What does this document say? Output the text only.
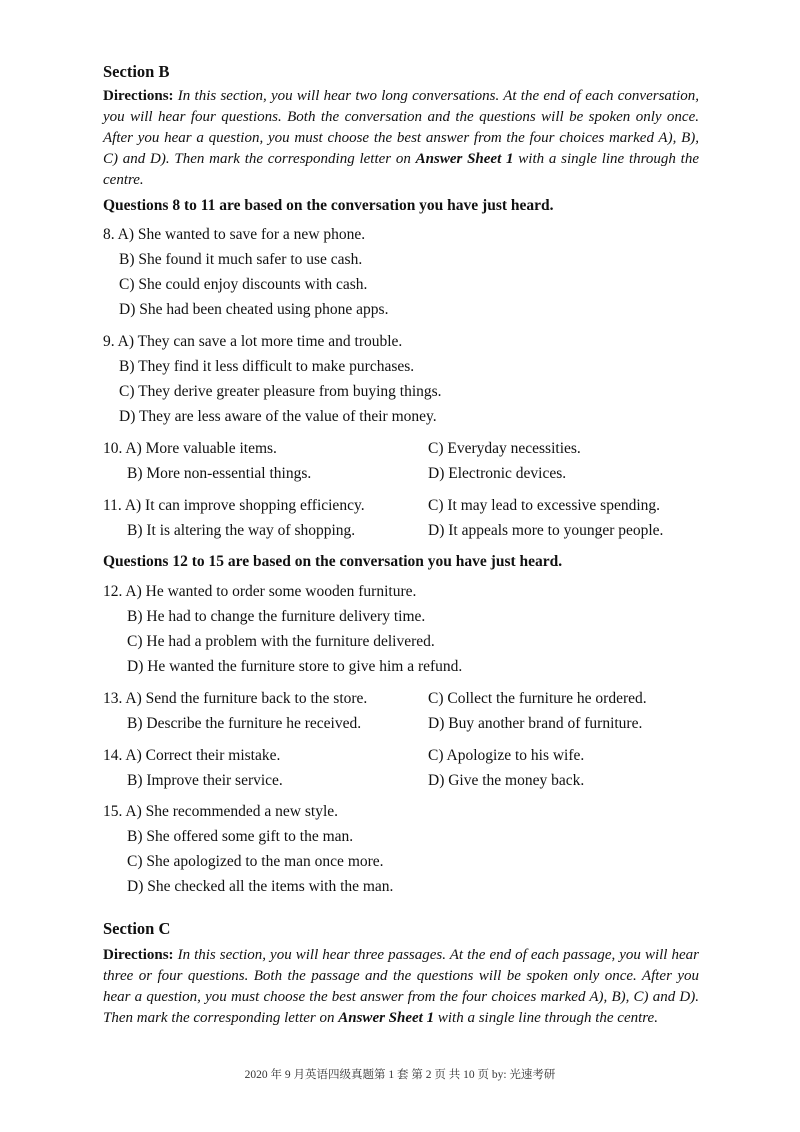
Section B
Directions: In this section, you will hear two long conversations. At the end of each conversation, you will hear four questions. Both the conversation and the questions will be spoken only once. After you hear a question, you must choose the best answer from the four choices marked A), B), C) and D). Then mark the corresponding letter on Answer Sheet 1 with a single line through the centre.
Questions 8 to 11 are based on the conversation you have just heard.
8. A) She wanted to save for a new phone.
B) She found it much safer to use cash.
C) She could enjoy discounts with cash.
D) She had been cheated using phone apps.
9. A) They can save a lot more time and trouble.
B) They find it less difficult to make purchases.
C) They derive greater pleasure from buying things.
D) They are less aware of the value of their money.
10. A) More valuable items.
B) More non-essential things.
C) Everyday necessities.
D) Electronic devices.
11. A) It can improve shopping efficiency.
B) It is altering the way of shopping.
C) It may lead to excessive spending.
D) It appeals more to younger people.
Questions 12 to 15 are based on the conversation you have just heard.
12. A) He wanted to order some wooden furniture.
B) He had to change the furniture delivery time.
C) He had a problem with the furniture delivered.
D) He wanted the furniture store to give him a refund.
13. A) Send the furniture back to the store.
B) Describe the furniture he received.
C) Collect the furniture he ordered.
D) Buy another brand of furniture.
14. A) Correct their mistake.
B) Improve their service.
C) Apologize to his wife.
D) Give the money back.
15. A) She recommended a new style.
B) She offered some gift to the man.
C) She apologized to the man once more.
D) She checked all the items with the man.
Section C
Directions: In this section, you will hear three passages. At the end of each passage, you will hear three or four questions. Both the passage and the questions will be spoken only once. After you hear a question, you must choose the best answer from the four choices marked A), B), C) and D). Then mark the corresponding letter on Answer Sheet 1 with a single line through the centre.
2020 年 9 月英语四级真题第 1 套 第 2 页 共 10 页 by: 光速考研
